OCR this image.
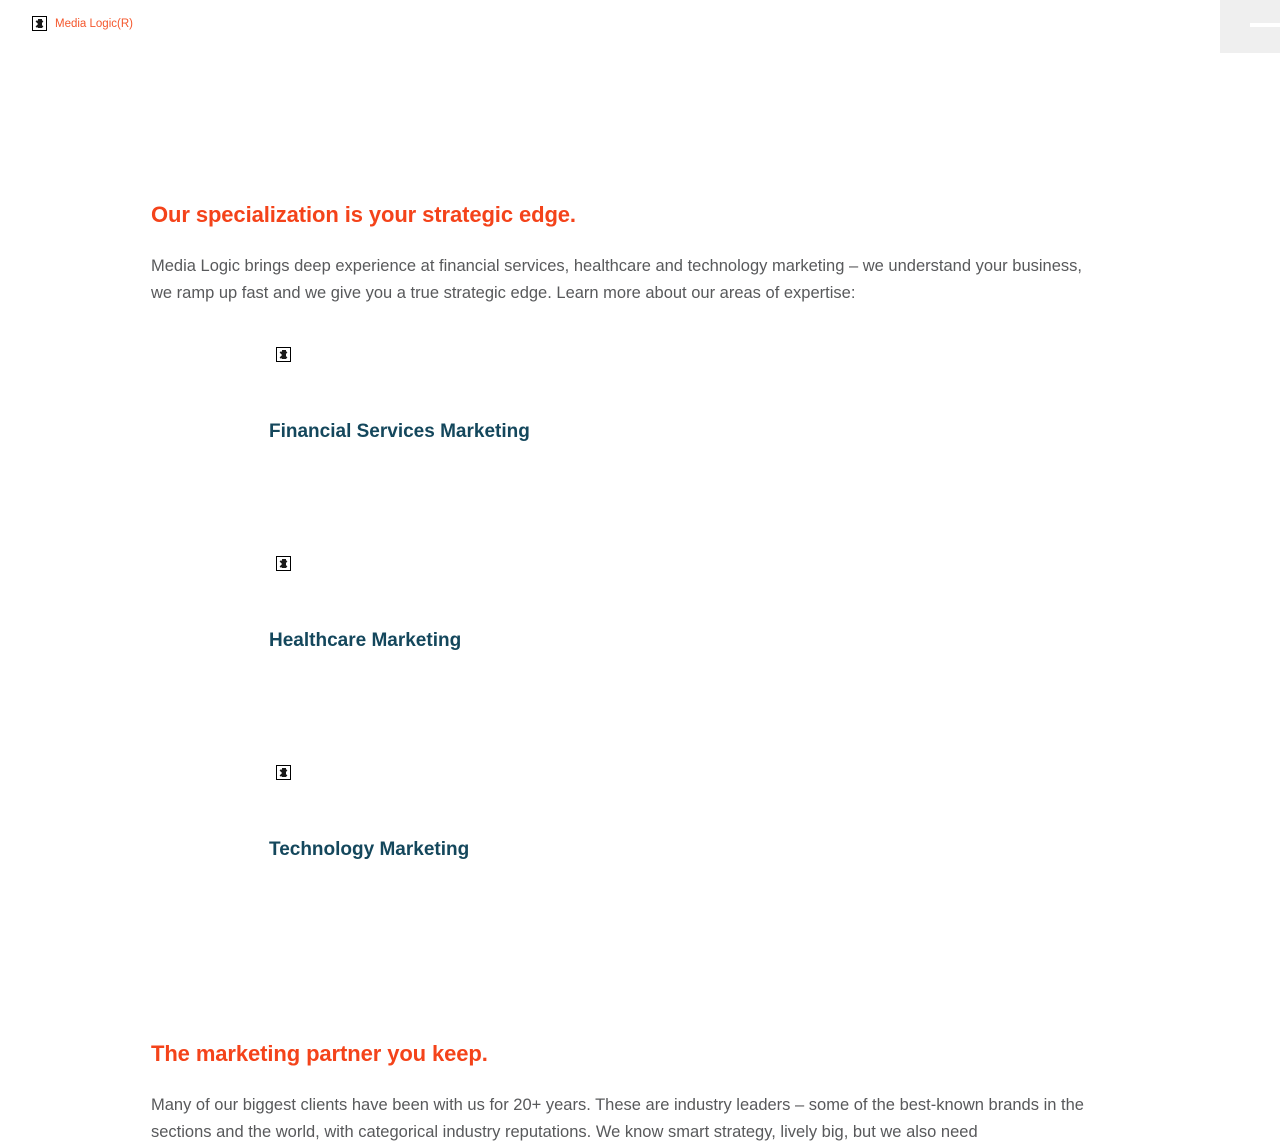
Media Logic(R)
Our specialization is your strategic edge.

Media Logic brings deep experience at financial services, healthcare and technology marketing – we understand your business, we ramp up fast and we give you a true strategic edge. Learn more about our areas of expertise:

Financial Services Marketing
Healthcare Marketing
Technology Marketing
The marketing partner you keep.

Many of our biggest clients have been with us for 20+ years. These are industry leaders – some of the best-known brands in the sections and the world, with categorical industry reputations. We know smart strategy, lively big, but we also need
